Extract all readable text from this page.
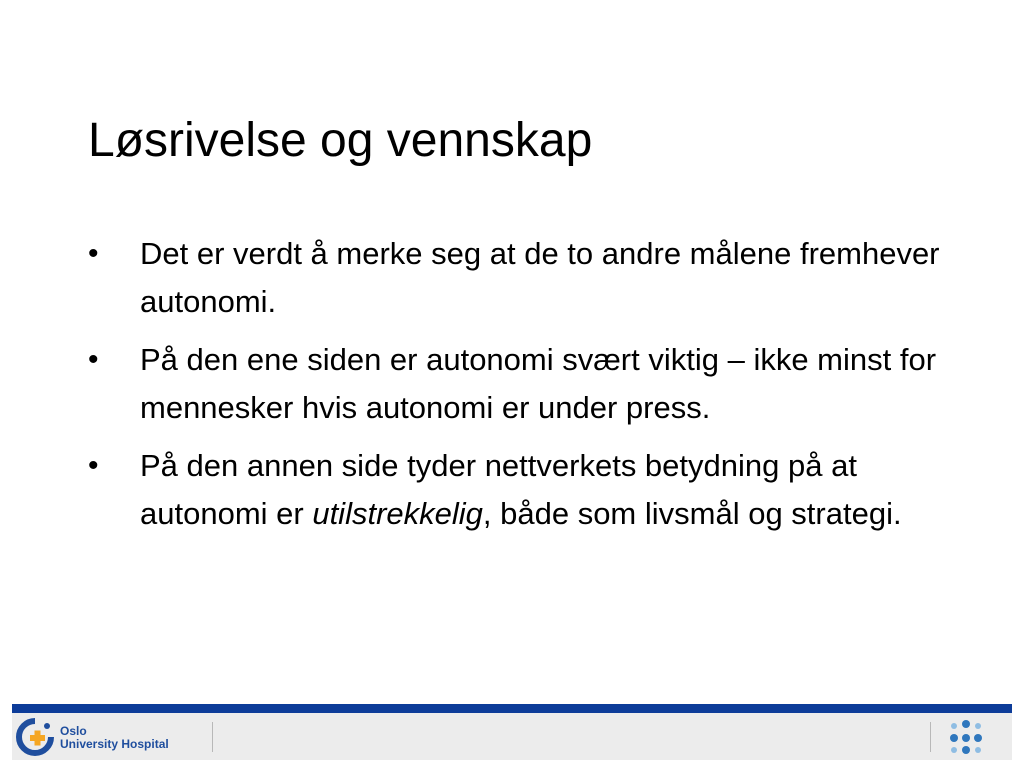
Løsrivelse og vennskap
• Det er verdt å merke seg at de to andre målene fremhever autonomi.
• På den ene siden er autonomi svært viktig – ikke minst for mennesker hvis autonomi er under press.
• På den annen side tyder nettverkets betydning på at autonomi er utilstrekkelig, både som livsmål og strategi.
Oslo
University Hospital
